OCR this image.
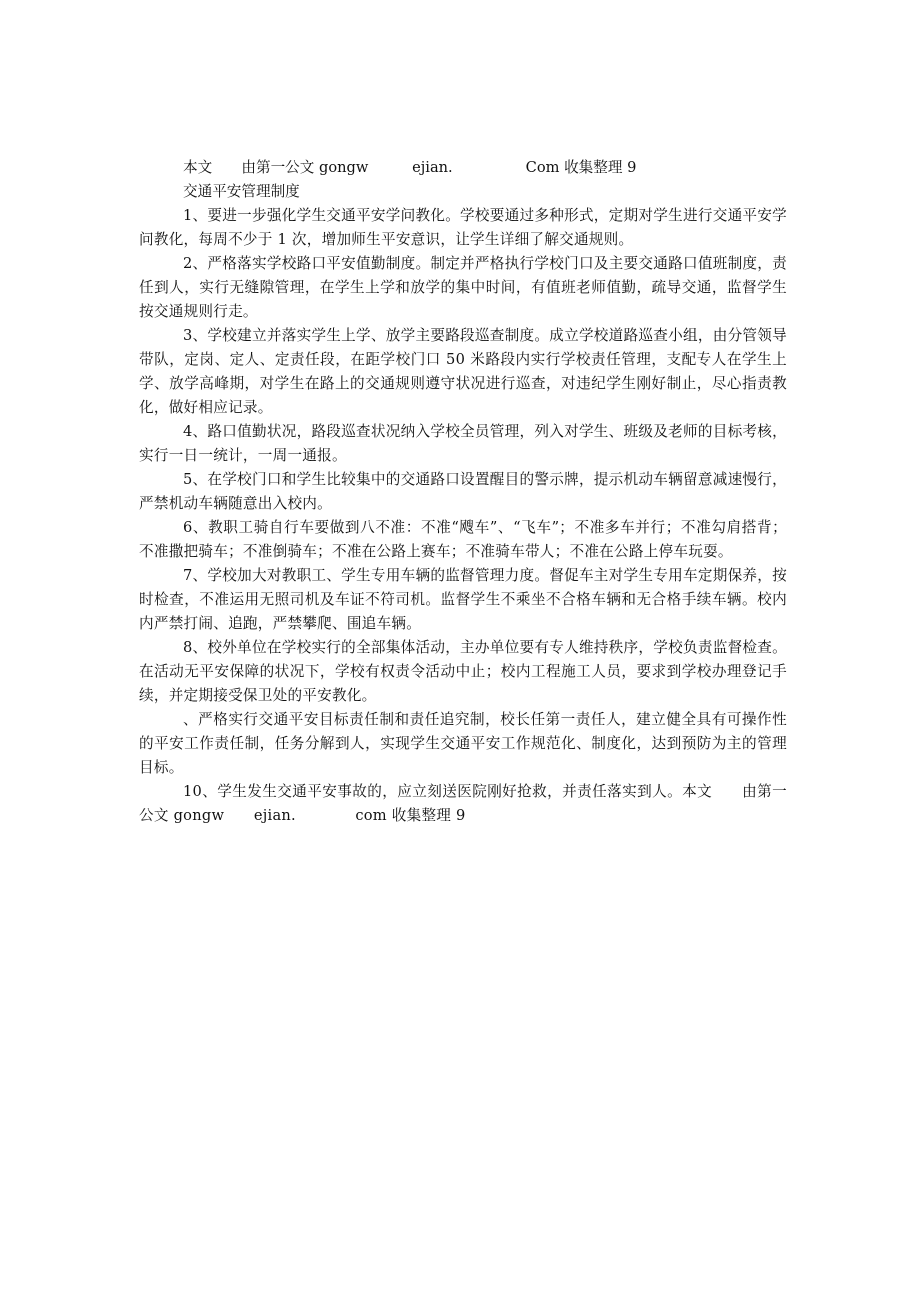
本文　　由第一公文 gongw　　　ejian.　　　　　Com 收集整理 9

交通平安管理制度

1、要进一步强化学生交通平安学问教化。学校要通过多种形式，定期对学生进行交通平安学问教化，每周不少于 1 次，增加师生平安意识，让学生详细了解交通规则。

2、严格落实学校路口平安值勤制度。制定并严格执行学校门口及主要交通路口值班制度，责任到人，实行无缝隙管理，在学生上学和放学的集中时间，有值班老师值勤，疏导交通，监督学生按交通规则行走。

3、学校建立并落实学生上学、放学主要路段巡查制度。成立学校道路巡查小组，由分管领导带队，定岗、定人、定责任段，在距学校门口 50 米路段内实行学校责任管理，支配专人在学生上学、放学高峰期，对学生在路上的交通规则遵守状况进行巡查，对违纪学生刚好制止，尽心指责教化，做好相应记录。

4、路口值勤状况，路段巡查状况纳入学校全员管理，列入对学生、班级及老师的目标考核，实行一日一统计，一周一通报。

5、在学校门口和学生比较集中的交通路口设置醒目的警示牌，提示机动车辆留意减速慢行，严禁机动车辆随意出入校内。

6、教职工骑自行车要做到八不准：不准“飕车”、“飞车”；不准多车并行；不准勾肩搭背；不准撒把骑车；不准倒骑车；不准在公路上赛车；不准骑车带人；不准在公路上停车玩耍。

7、学校加大对教职工、学生专用车辆的监督管理力度。督促车主对学生专用车定期保养，按时检查，不准运用无照司机及车证不符司机。监督学生不乘坐不合格车辆和无合格手续车辆。校内内严禁打闹、追跑，严禁攀爬、围追车辆。

8、校外单位在学校实行的全部集体活动，主办单位要有专人维持秩序，学校负责监督检查。在活动无平安保障的状况下，学校有权责令活动中止；校内工程施工人员，要求到学校办理登记手续，并定期接受保卫处的平安教化。

、严格实行交通平安目标责任制和责任追究制，校长任第一责任人，建立健全具有可操作性的平安工作责任制，任务分解到人，实现学生交通平安工作规范化、制度化，达到预防为主的管理目标。

10、学生发生交通平安事故的，应立刻送医院刚好抢救，并责任落实到人。本文　　由第一公文 gongw　　ejian.　　　　com 收集整理 9
